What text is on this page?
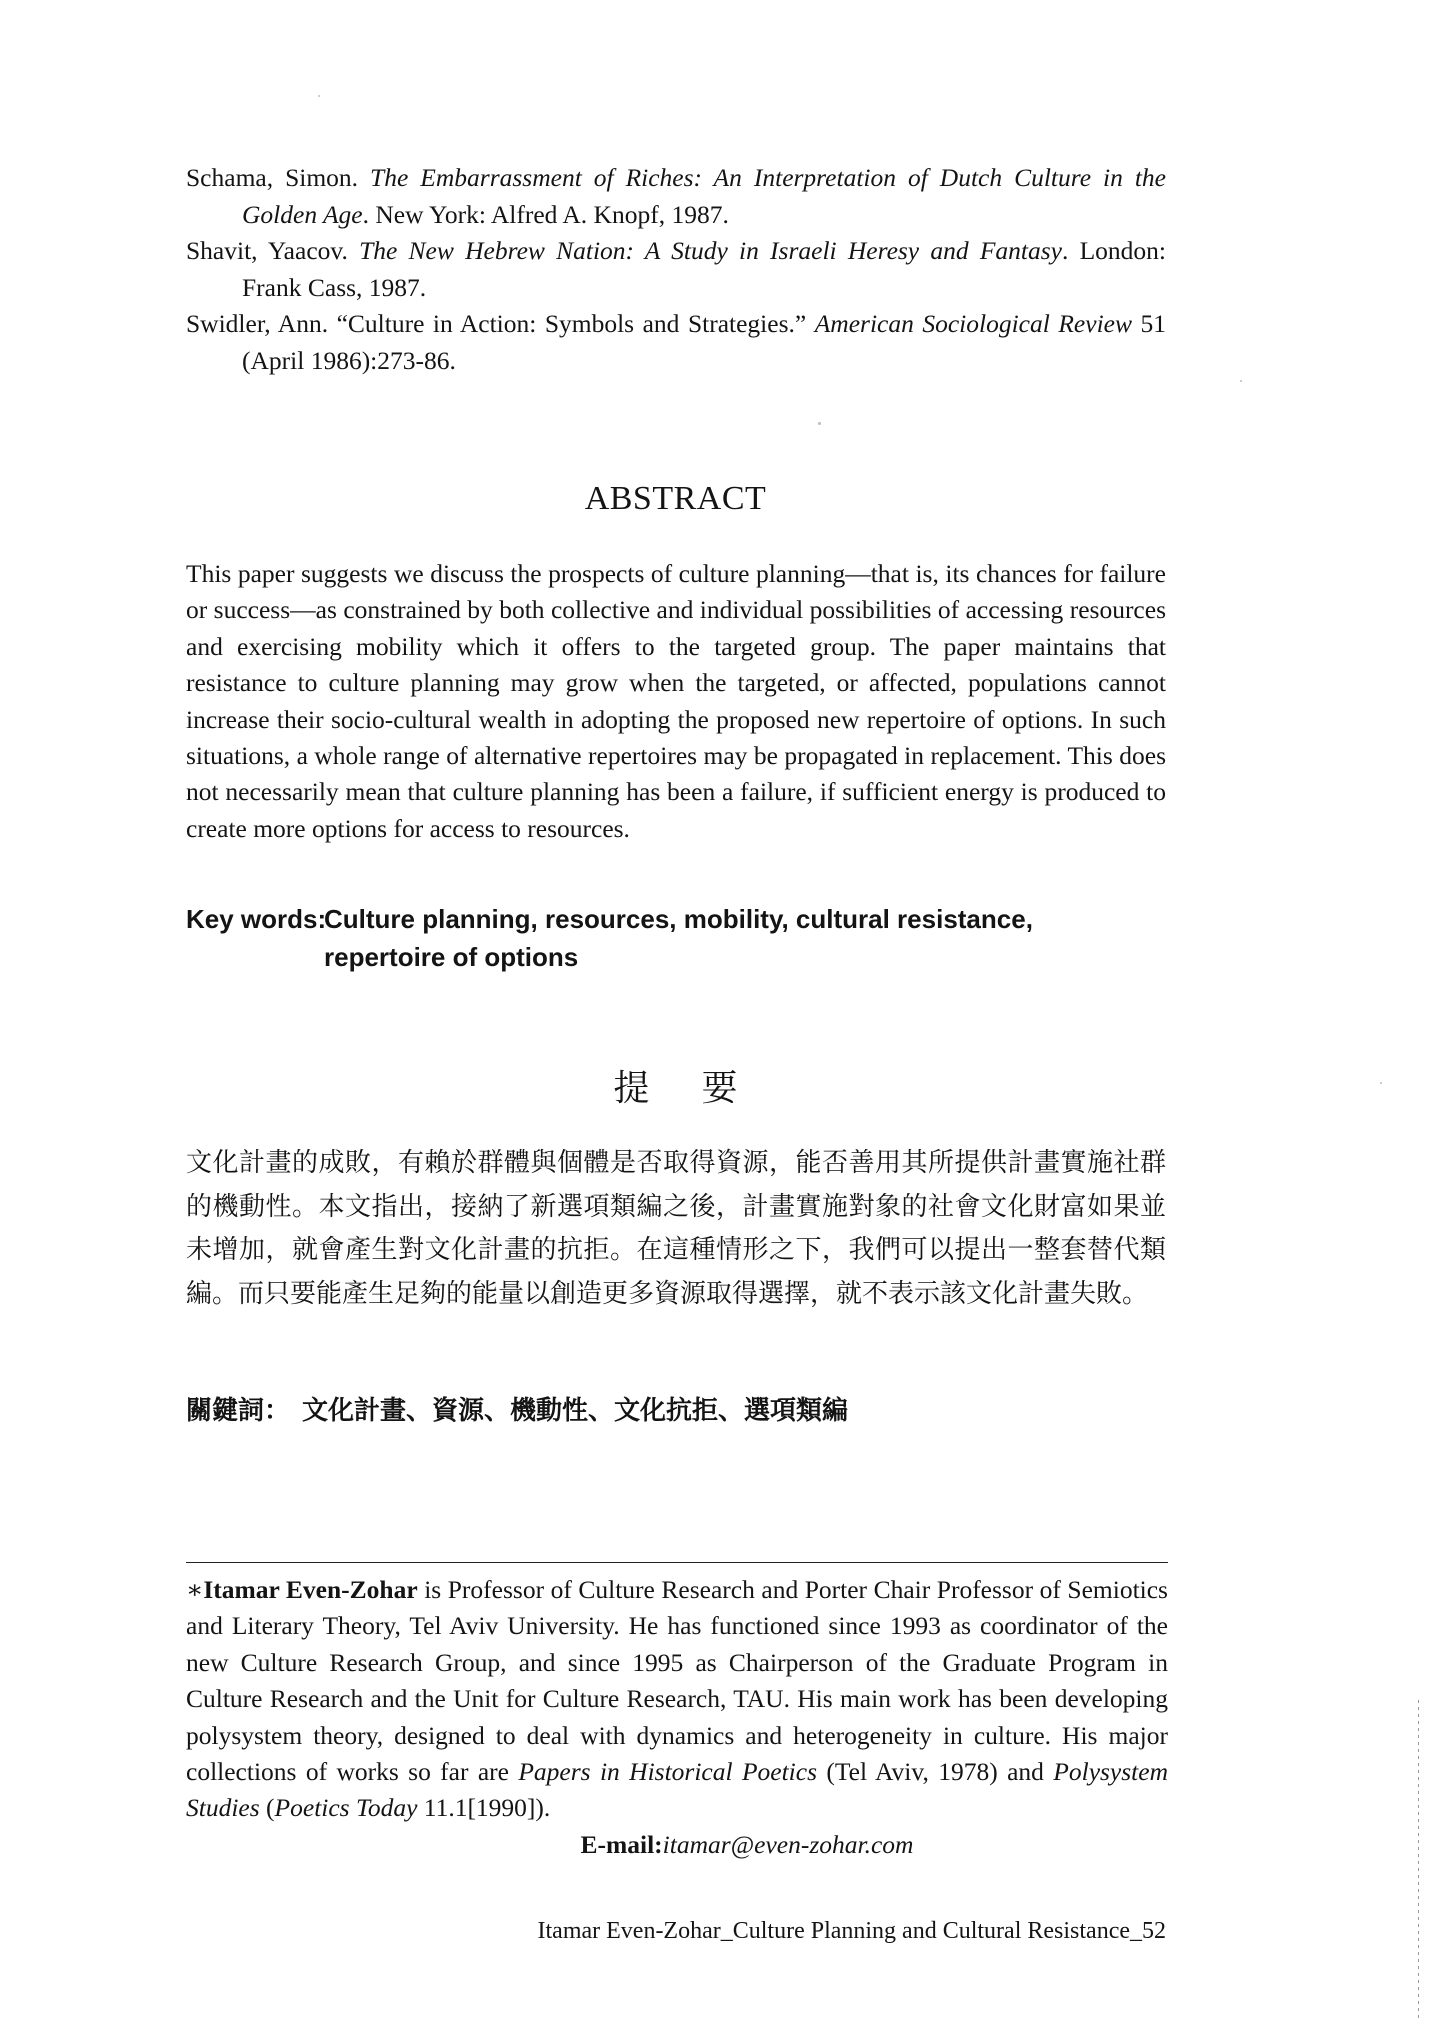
Schama, Simon. The Embarrassment of Riches: An Interpretation of Dutch Culture in the Golden Age. New York: Alfred A. Knopf, 1987.
Shavit, Yaacov. The New Hebrew Nation: A Study in Israeli Heresy and Fantasy. London: Frank Cass, 1987.
Swidler, Ann. “Culture in Action: Symbols and Strategies.” American Sociological Review 51 (April 1986):273-86.
ABSTRACT
This paper suggests we discuss the prospects of culture planning—that is, its chances for failure or success—as constrained by both collective and individual possibilities of accessing resources and exercising mobility which it offers to the targeted group. The paper maintains that resistance to culture planning may grow when the targeted, or affected, populations cannot increase their socio-cultural wealth in adopting the proposed new repertoire of options. In such situations, a whole range of alternative repertoires may be propagated in replacement. This does not necessarily mean that culture planning has been a failure, if sufficient energy is produced to create more options for access to resources.
Key words:Culture planning, resources, mobility, cultural resistance,
repertoire of options
提要
文化計畫的成敗，有賴於群體與個體是否取得資源，能否善用其所提供計畫實施社群的機動性。本文指出，接納了新選項類編之後，計畫實施對象的社會文化財富如果並未增加，就會產生對文化計畫的抗拒。在這種情形之下，我們可以提出一整套替代類編。而只要能產生足夠的能量以創造更多資源取得選擇，就不表示該文化計畫失敗。
關鍵詞： 文化計畫、資源、機動性、文化抗拒、選項類編
∗Itamar Even-Zohar is Professor of Culture Research and Porter Chair Professor of Semiotics and Literary Theory, Tel Aviv University. He has functioned since 1993 as coordinator of the new Culture Research Group, and since 1995 as Chairperson of the Graduate Program in Culture Research and the Unit for Culture Research, TAU. His main work has been developing polysystem theory, designed to deal with dynamics and heterogeneity in culture. His major collections of works so far are Papers in Historical Poetics (Tel Aviv, 1978) and Polysystem Studies (Poetics Today 11.1[1990]).
E-mail:itamar@even-zohar.com
Itamar Even-Zohar_Culture Planning and Cultural Resistance_52
